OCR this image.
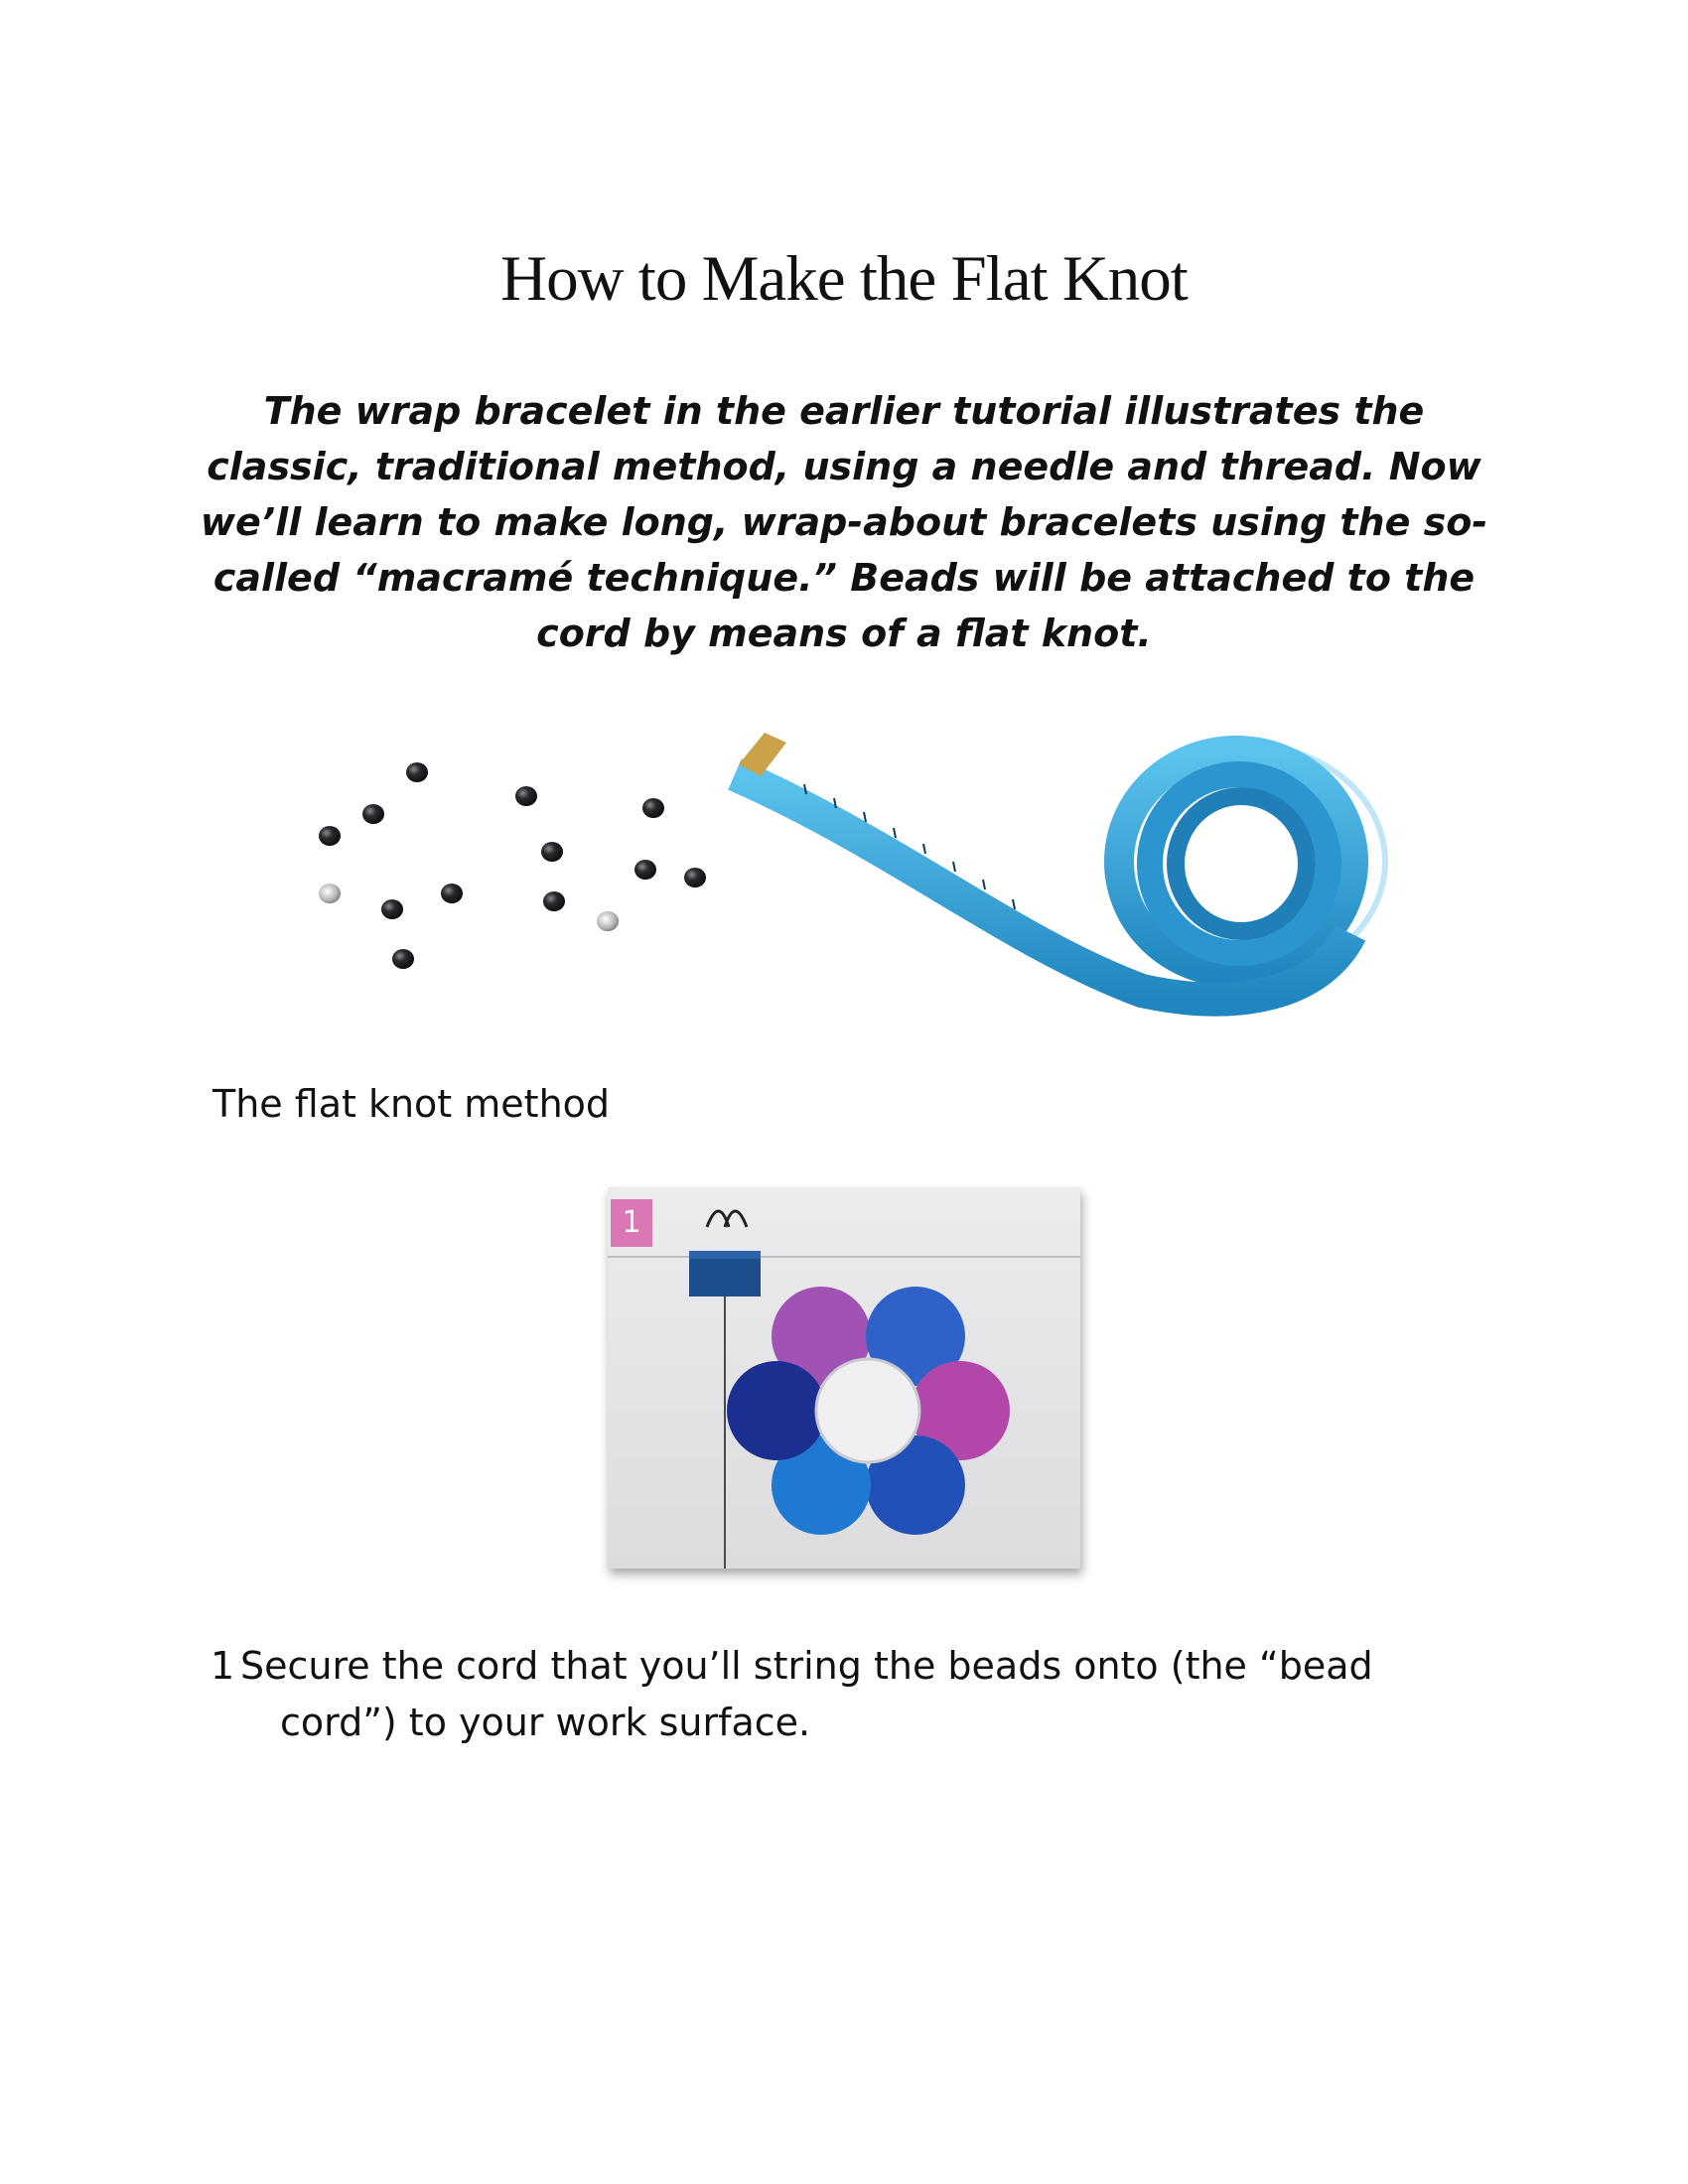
How to Make the Flat Knot

The wrap bracelet in the earlier tutorial illustrates the classic, traditional method, using a needle and thread. Now we’ll learn to make long, wrap-about bracelets using the so-called “macramé technique.” Beads will be attached to the cord by means of a flat knot.

The flat knot method

1
1 Secure the cord that you’ll string the beads onto (the “bead cord”) to your work surface.
